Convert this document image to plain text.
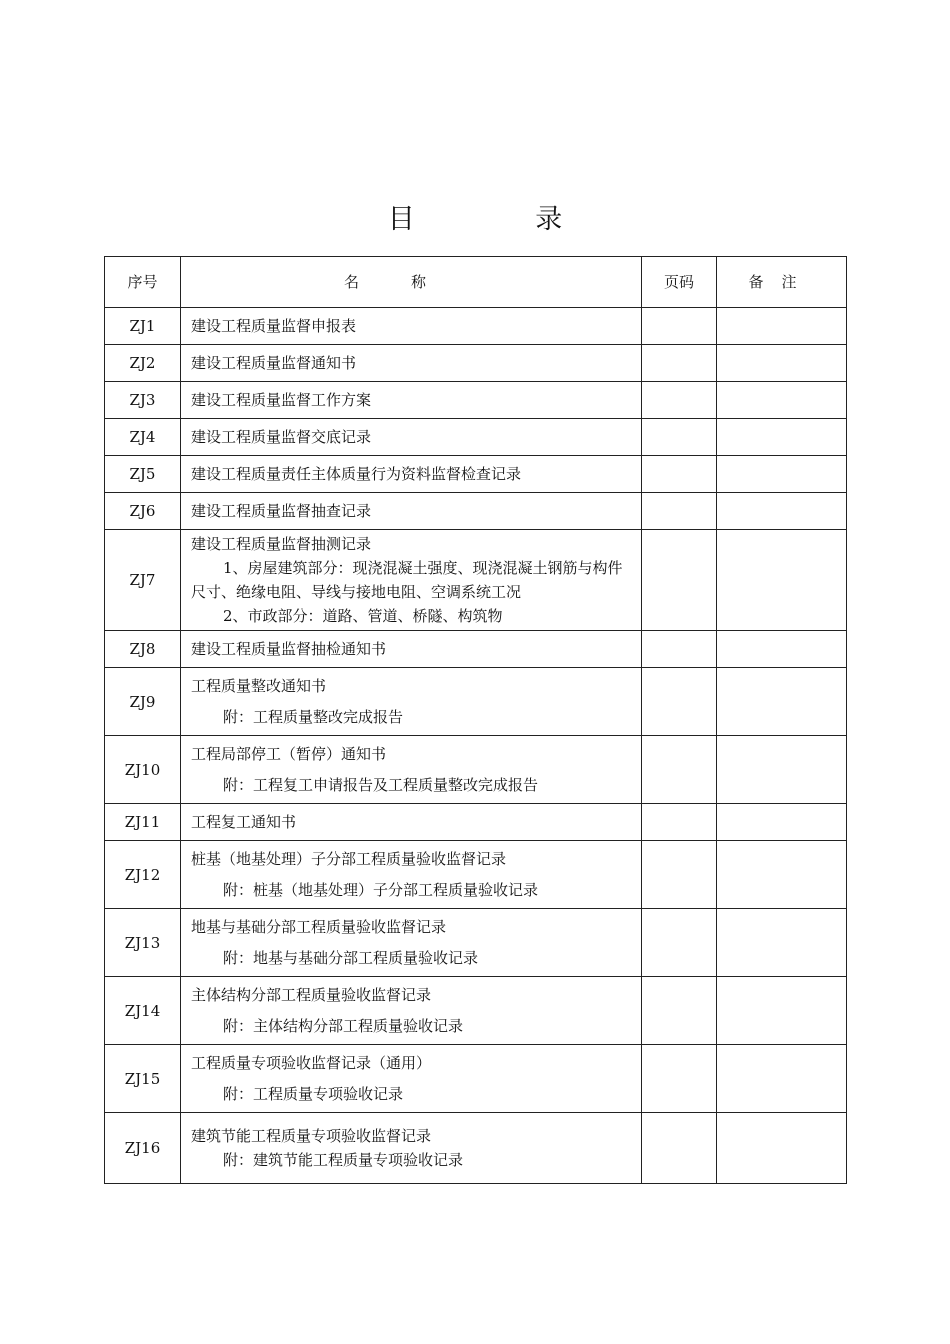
目 录
序号	名称	页码	备注
ZJ1	建设工程质量监督申报表		
ZJ2	建设工程质量监督通知书		
ZJ3	建设工程质量监督工作方案		
ZJ4	建设工程质量监督交底记录		
ZJ5	建设工程质量责任主体质量行为资料监督检查记录		
ZJ6	建设工程质量监督抽查记录		
ZJ7	建设工程质量监督抽测记录
1、房屋建筑部分：现浇混凝土强度、现浇混凝土钢筋与构件尺寸、绝缘电阻、导线与接地电阻、空调系统工况
2、市政部分：道路、管道、桥隧、构筑物		

ZJ8	建设工程质量监督抽检通知书		
ZJ9	工程质量整改通知书
附：工程质量整改完成报告		

ZJ10	工程局部停工（暂停）通知书
附：工程复工申请报告及工程质量整改完成报告		

ZJ11	工程复工通知书		
ZJ12	桩基（地基处理）子分部工程质量验收监督记录
附：桩基（地基处理）子分部工程质量验收记录		

ZJ13	地基与基础分部工程质量验收监督记录
附：地基与基础分部工程质量验收记录		

ZJ14	主体结构分部工程质量验收监督记录
附：主体结构分部工程质量验收记录		

ZJ15	工程质量专项验收监督记录（通用）
附：工程质量专项验收记录		

ZJ16	建筑节能工程质量专项验收监督记录
附：建筑节能工程质量专项验收记录		
